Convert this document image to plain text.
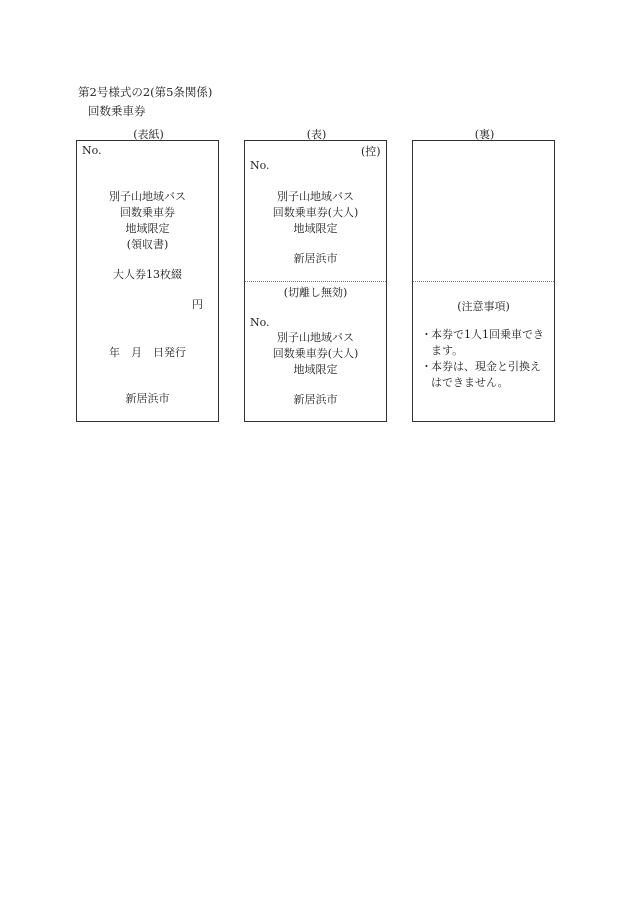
第2号様式の2(第5条関係)
回数乗車券
(表紙)	(表)	(裏)
No.
別子山地域バス
回数乗車券
地域限定
(領収書)
大人券13枚綴
円
年　月　日発行
新居浜市
(控)
No.
別子山地域バス
回数乗車券(大人)
地域限定
新居浜市
(切離し無効)
No.
別子山地域バス
回数乗車券(大人)
地域限定
新居浜市
(注意事項)
・ 本券で1人1回乗車できます。
・ 本券は、現金と引換えはできません。
